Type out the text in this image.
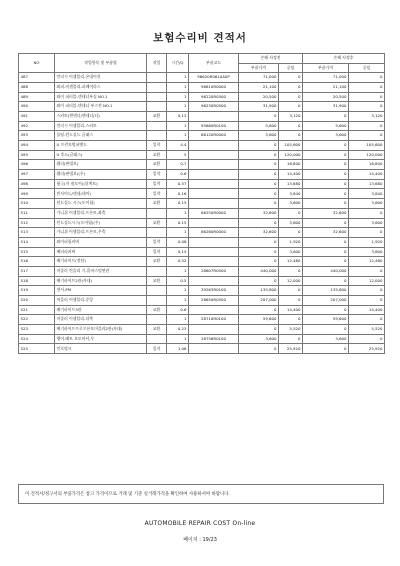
보험수리비 견적서
NO	작업항목 및 부품명	작업	시간/Q	부품코드	손해 사정전		손해 사정후	
					부품가격	공임	부품가격	공임
487	언더시 어셈블리-콘네이션		1	96620R0610A0P	71,000	0	71,000	0
488	와퍼-비셈블리-퍼레이라스		1	96610R0000	21,100	0	21,100	0
489	와이 퍼터블-덴데너부실 NO.1		1	96220R0500	20,500	0	20,500	0
490	와이 퍼터블-덴데너 부스전 NO.1		1	96230R0500	31,900	0	31,900	0
491	스커트(앤덴너/앤데너/다)	교환	0.13		0	3,120	0	3,120
492	언더시 어셈블리-스커트		1	95660R0100	5,600	0	5,600	0
493	몰딩-윈드실드 글래스		1	86120R0000	3,600	0	3,600	0
494	U 프런트범퍼밴드	일착	4.4		0	105,600	0	105,600
495	U 후드(글래스)	교환	5		0	120,000	0	120,000
496	휀더(판넬브)	교환	0.7		0	16,800	0	16,800
497	휀더(판넬브)(우)	일착	0.6		0	14,400	0	14,400
498	윙극(자 점도어)(뒤쪽트)	일착	0.57		0	13,680	0	13,680
499	빈사이드/덴내(데어)	일착	0.16		0	3,840	0	3,840
510	윈드실드 시스(도어립)	교환	0.15		0	3,600	0	3,600
511	가니쉬 어셈블리-프론트,좌측		1	86250R0000	32,600	0	32,600	0
512	윈드실드시스(도어립)(우)	교환	0.15		0	3,600	0	3,600
513	가니쉬 어셈블리-프론트,우측		1	86260R0000	32,600	0	32,600	0
514	와이퍼링커버	일착	0.08		0	1,920	0	1,920
515	배터리커버	일착	0.15		0	3,600	0	3,600
516	배기파이프(전단)	교환	0.52		0	12,480	0	12,480
517	머플러 컨슬리 기-콤바스텀연관		1	28607R0500	440,000	0	440,000	0
518	배기파이프2관(자대)	교환	0.5		0	12,000	0	12,000
519	센서-PM		1	39263R0100	135,800	0	135,800	0
520	머플러 어셈블리-중앙		1	28650R0500	207,000	0	207,000	0
521	배기파이프3관	교환	0.6		0	14,400	0	14,400
522	머플러 어셈블리-뒤쪽		1	28710R0100	59,600	0	59,600	0
523	배기파이프프로프론트머플러2관(자대)	교환	0.23		0	5,520	0	5,520
524	행어-배트 오토머셔,우		1	28756R0100	3,600	0	3,600	0
525	언로덩크	일착	1.08		0	25,920	0	25,920
이 견적서/정구서의 부품가격은 참고 가격이므로 거래 및 기준 실거래가격을 확인하여 사용하셔야 바랍니다.
AUTOMOBILE REPAIR COST On-line
페이지 : 19/23
